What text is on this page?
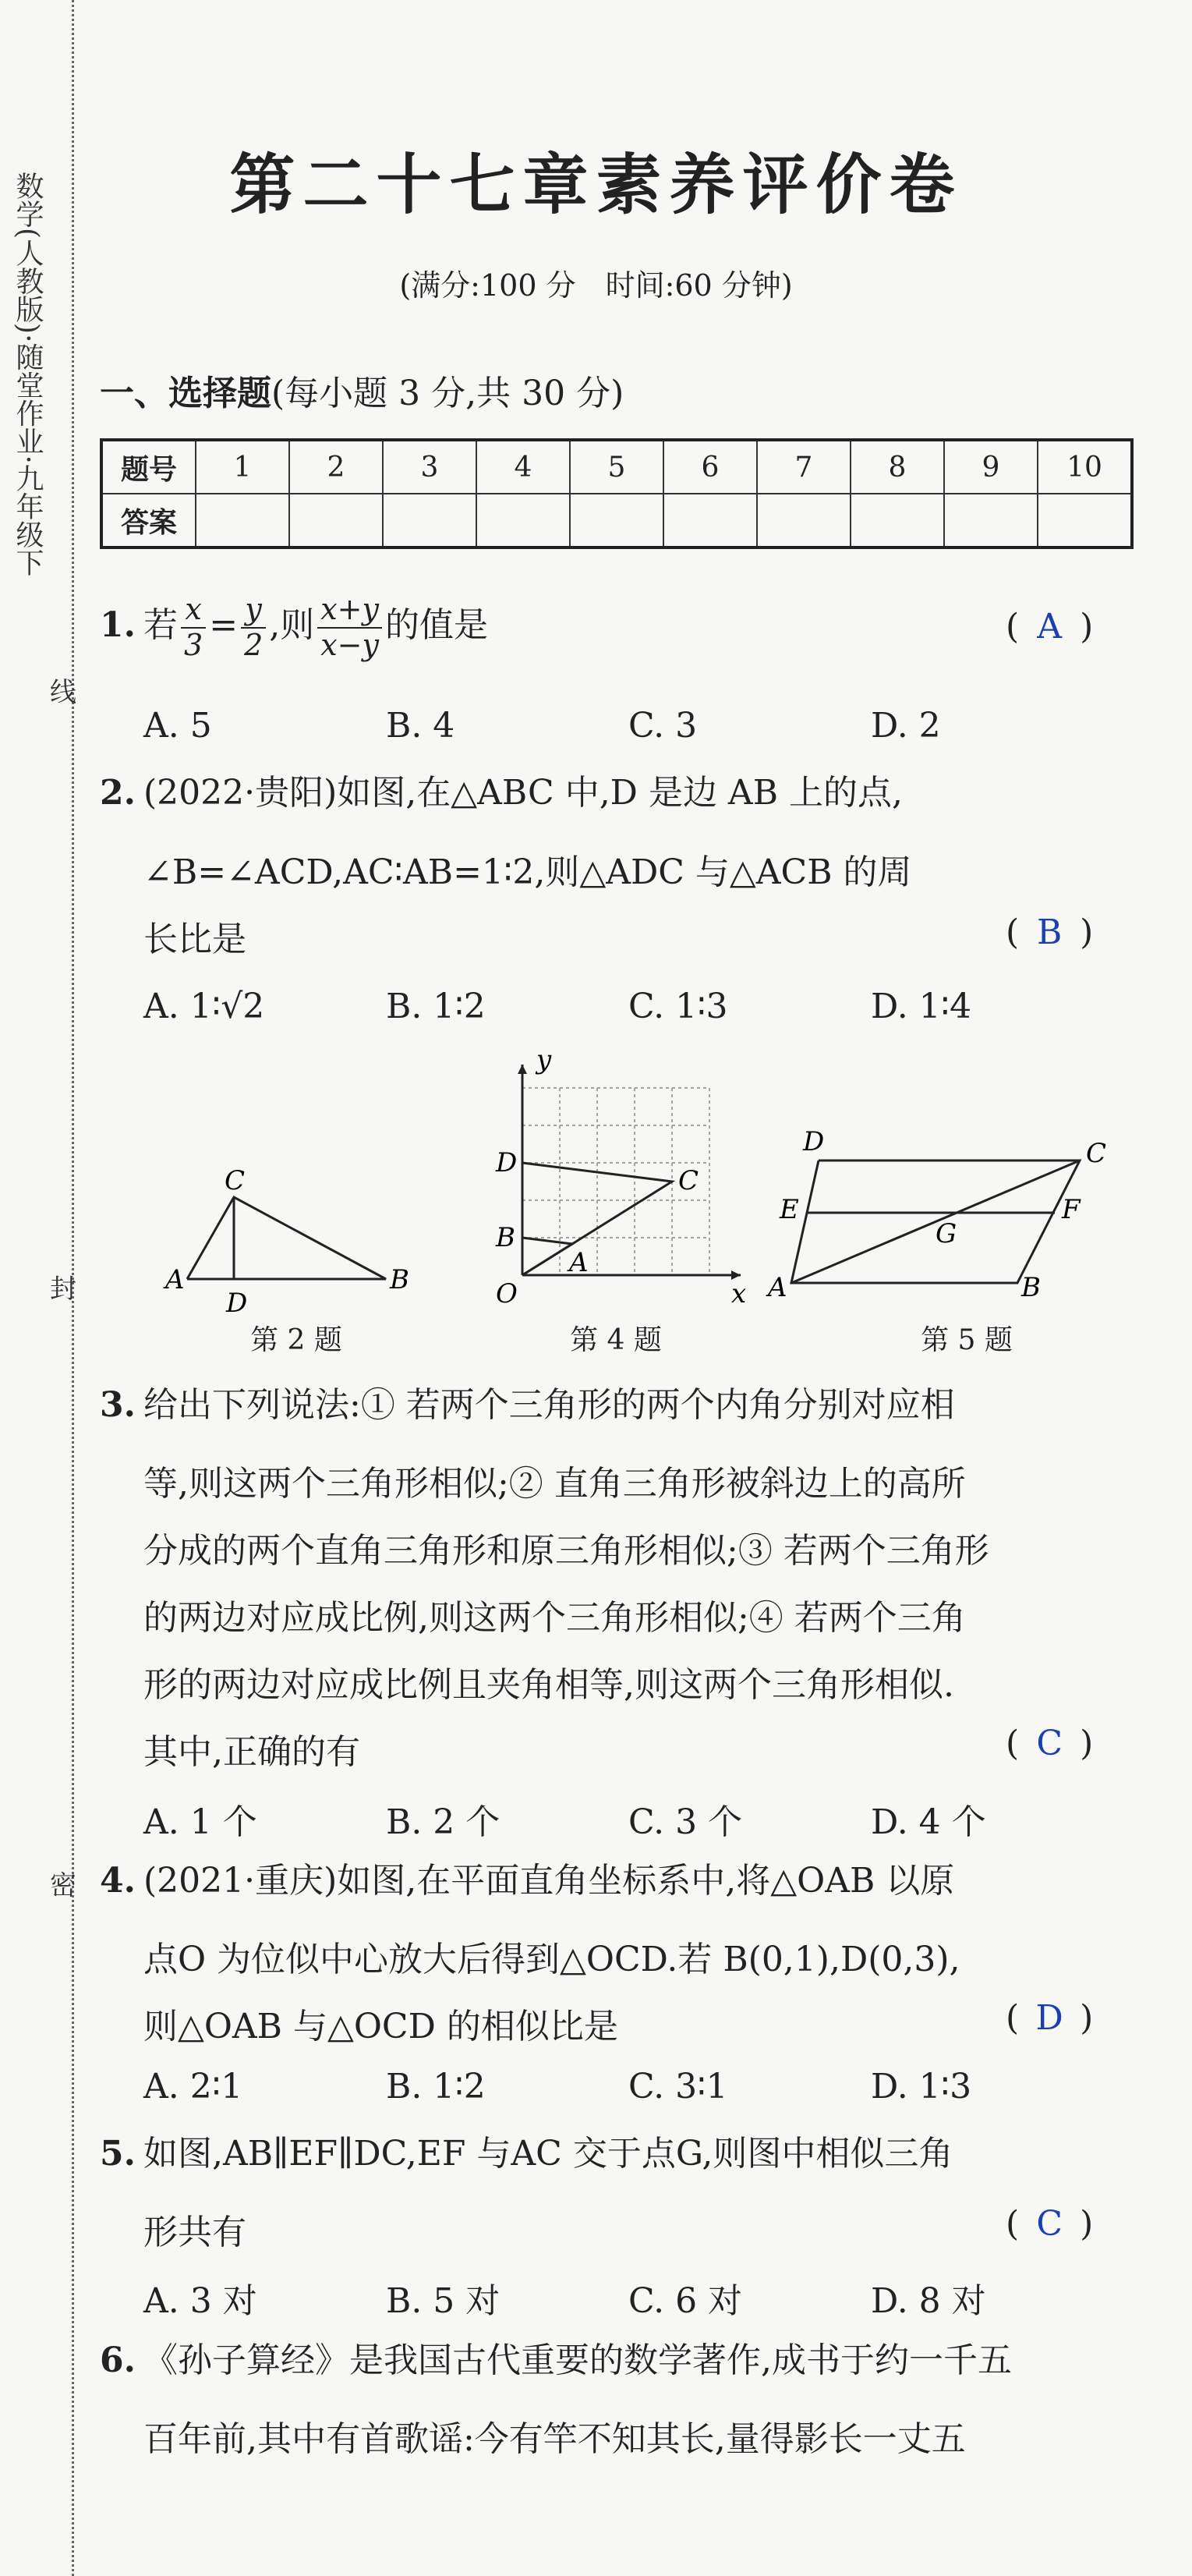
数学(人教版)·随堂作业·九年级下
线
封
密
第二十七章素养评价卷
(满分:100 分　时间:60 分钟)
一、选择题(每小题 3 分,共 30 分)
题号	1	2	3	4	5	6	7	8	9	10
答案										
1. 若 $\frac{x}{3} = \frac{y}{2}$ ,则 $\frac{x+y}{x-y}$ 的值是	( A )
A. 5	B. 4	C. 3	D. 2
2. (2022·贵阳)如图,在△ABC 中,D 是边 AB 上的点,
∠B=∠ACD,AC∶AB=1∶2,则△ADC 与△ACB 的周
长比是	( B )
A. 1∶√2	B. 1∶2	C. 1∶3	D. 1∶4
A	B
C
D
y
x
O
A
B
C
D
A	B
C
D
E	F
G
第 2 题	第 4 题	第 5 题
3. 给出下列说法:① 若两个三角形的两个内角分别对应相
等,则这两个三角形相似;② 直角三角形被斜边上的高所
分成的两个直角三角形和原三角形相似;③ 若两个三角形
的两边对应成比例,则这两个三角形相似;④ 若两个三角
形的两边对应成比例且夹角相等,则这两个三角形相似.
其中,正确的有	( C )
A. 1 个	B. 2 个	C. 3 个	D. 4 个
4. (2021·重庆)如图,在平面直角坐标系中,将△OAB 以原
点O 为位似中心放大后得到△OCD.若 B(0,1),D(0,3),
则△OAB 与△OCD 的相似比是	( D )
A. 2∶1	B. 1∶2	C. 3∶1	D. 1∶3
5. 如图,AB∥EF∥DC,EF 与AC 交于点G,则图中相似三角
形共有	( C )
A. 3 对	B. 5 对	C. 6 对	D. 8 对
6. 《孙子算经》是我国古代重要的数学著作,成书于约一千五
百年前,其中有首歌谣:今有竿不知其长,量得影长一丈五
